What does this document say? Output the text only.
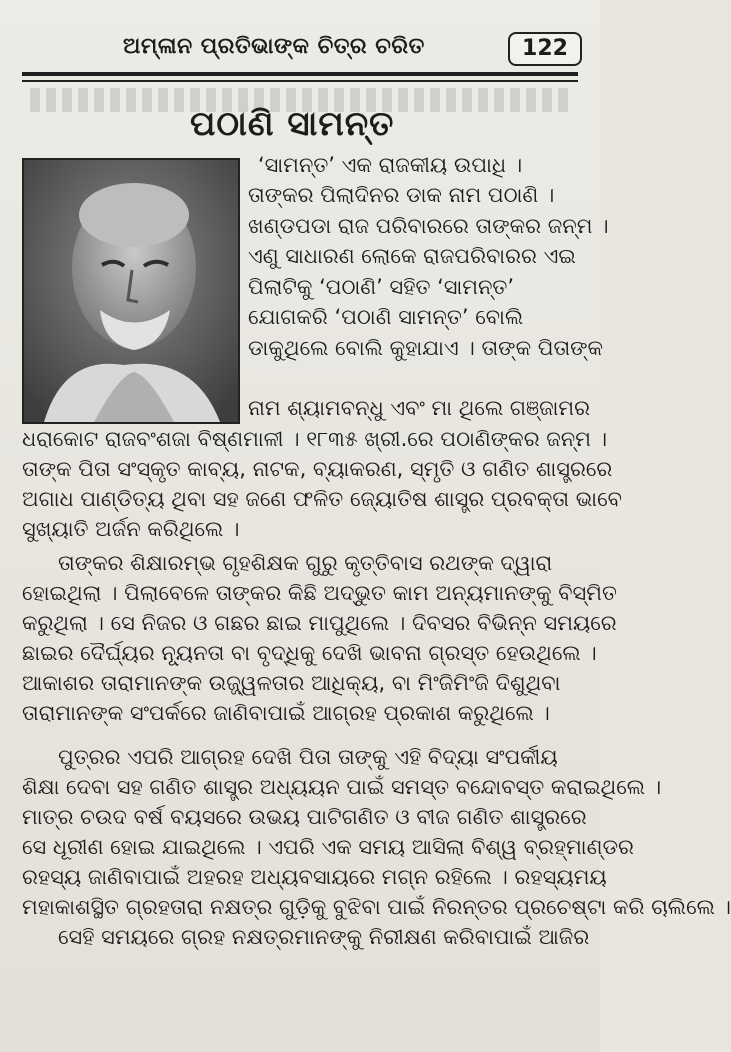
ଅମ୍ଳାନ ପ୍ରତିଭାଙ୍କ ଚିତ୍ର ଚରିତ	122
ପଠାଣି ସାମନ୍ତ
‘ସାମନ୍ତ’ ଏକ ରାଜକୀୟ ଉପାଧି ।
ତାଙ୍କର ପିଲାଦିନର ଡାକ ନାମ ପଠାଣି ।
ଖଣ୍ଡପଡା ରାଜ ପରିବାରରେ ତାଙ୍କର ଜନ୍ମ ।
ଏଣୁ ସାଧାରଣ ଲୋକେ ରାଜପରିବାରର ଏଇ
ପିଲାଟିକୁ ‘ପଠାଣି’ ସହିତ ‘ସାମନ୍ତ’
ଯୋଗକରି ‘ପଠାଣି ସାମନ୍ତ’ ବୋଲି
ଡାକୁଥିଲେ ବୋଲି କୁହାଯାଏ । ତାଙ୍କ ପିତାଙ୍କ
ନାମ ଶ୍ୟାମବନ୍ଧୁ ଏବଂ ମା ଥିଲେ ଗଞ୍ଜାମର
ଧରାକୋଟ ରାଜବଂଶଜା ବିଷ୍ଣମାଳୀ । ୧୮୩୫ ଖ୍ରୀ.ରେ ପଠାଣିଙ୍କର ଜନ୍ମ ।
ତାଙ୍କ ପିତା ସଂସ୍କୃତ କାବ୍ୟ, ନାଟକ, ବ୍ୟାକରଣ, ସ୍ମୃତି ଓ ଗଣିତ ଶାସ୍ତ୍ରରେ
ଅଗାଧ ପାଣ୍ଡିତ୍ୟ ଥିବା ସହ ଜଣେ ଫଳିତ ଜ୍ୟୋତିଷ ଶାସ୍ତ୍ର ପ୍ରବକ୍ତା ଭାବେ
ସୁଖ୍ୟାତି ଅର୍ଜନ କରିଥିଲେ ।
ତାଙ୍କର ଶିକ୍ଷାରମ୍ଭ ଗୃହଶିକ୍ଷକ ଗୁରୁ କୃତ୍ତିବାସ ରଥଙ୍କ ଦ୍ୱାରା
ହୋଇଥିଲା । ପିଲାବେଳେ ତାଙ୍କର କିଛି ଅଦ୍ଭୁତ କାମ ଅନ୍ୟମାନଙ୍କୁ ବିସ୍ମିତ
କରୁଥିଲା । ସେ ନିଜର ଓ ଗଛର ଛାଇ ମାପୁଥିଲେ । ଦିବସର ବିଭିନ୍ନ ସମୟରେ
ଛାଇର ଦୈର୍ଘ୍ୟର ନ୍ୟୂନତା ବା ବୃଦ୍ଧିକୁ ଦେଖି ଭାବନା ଗ୍ରସ୍ତ ହେଉଥିଲେ ।
ଆକାଶର ତାରାମାନଙ୍କ ଉଜ୍ଜ୍ୱଳତାର ଆଧିକ୍ୟ, ବା ମିଂଜିମିଂଜି ଦିଶୁଥିବା
ତାରାମାନଙ୍କ ସଂପର୍କରେ ଜାଣିବାପାଇଁ ଆଗ୍ରହ ପ୍ରକାଶ କରୁଥିଲେ ।
ପୁତ୍ରର ଏପରି ଆଗ୍ରହ ଦେଖି ପିତା ତାଙ୍କୁ ଏହି ବିଦ୍ୟା ସଂପର୍କୀୟ
ଶିକ୍ଷା ଦେବା ସହ ଗଣିତ ଶାସ୍ତ୍ର ଅଧ୍ୟୟନ ପାଇଁ ସମସ୍ତ ବନ୍ଦୋବସ୍ତ କରାଇଥିଲେ ।
ମାତ୍ର ଚଉଦ ବର୍ଷ ବୟସରେ ଉଭୟ ପାଟିଗଣିତ ଓ ବୀଜ ଗଣିତ ଶାସ୍ତ୍ରରେ
ସେ ଧୂରୀଣ ହୋଇ ଯାଇଥିଲେ । ଏପରି ଏକ ସମୟ ଆସିଲା ବିଶ୍ୱ ବ୍ରହ୍ମାଣ୍ଡର
ରହସ୍ୟ ଜାଣିବାପାଇଁ ଅହରହ ଅଧ୍ୟବସାୟରେ ମଗ୍ନ ରହିଲେ । ରହସ୍ୟମୟ
ମହାକାଶସ୍ଥିତ ଗ୍ରହତାରା ନକ୍ଷତ୍ର ଗୁଡ଼ିକୁ ବୁଝିବା ପାଇଁ ନିରନ୍ତର ପ୍ରଚେଷ୍ଟା କରି ଚାଲିଲେ ।
ସେହି ସମୟରେ ଗ୍ରହ ନକ୍ଷତ୍ରମାନଙ୍କୁ ନିରୀକ୍ଷଣ କରିବାପାଇଁ ଆଜିର
